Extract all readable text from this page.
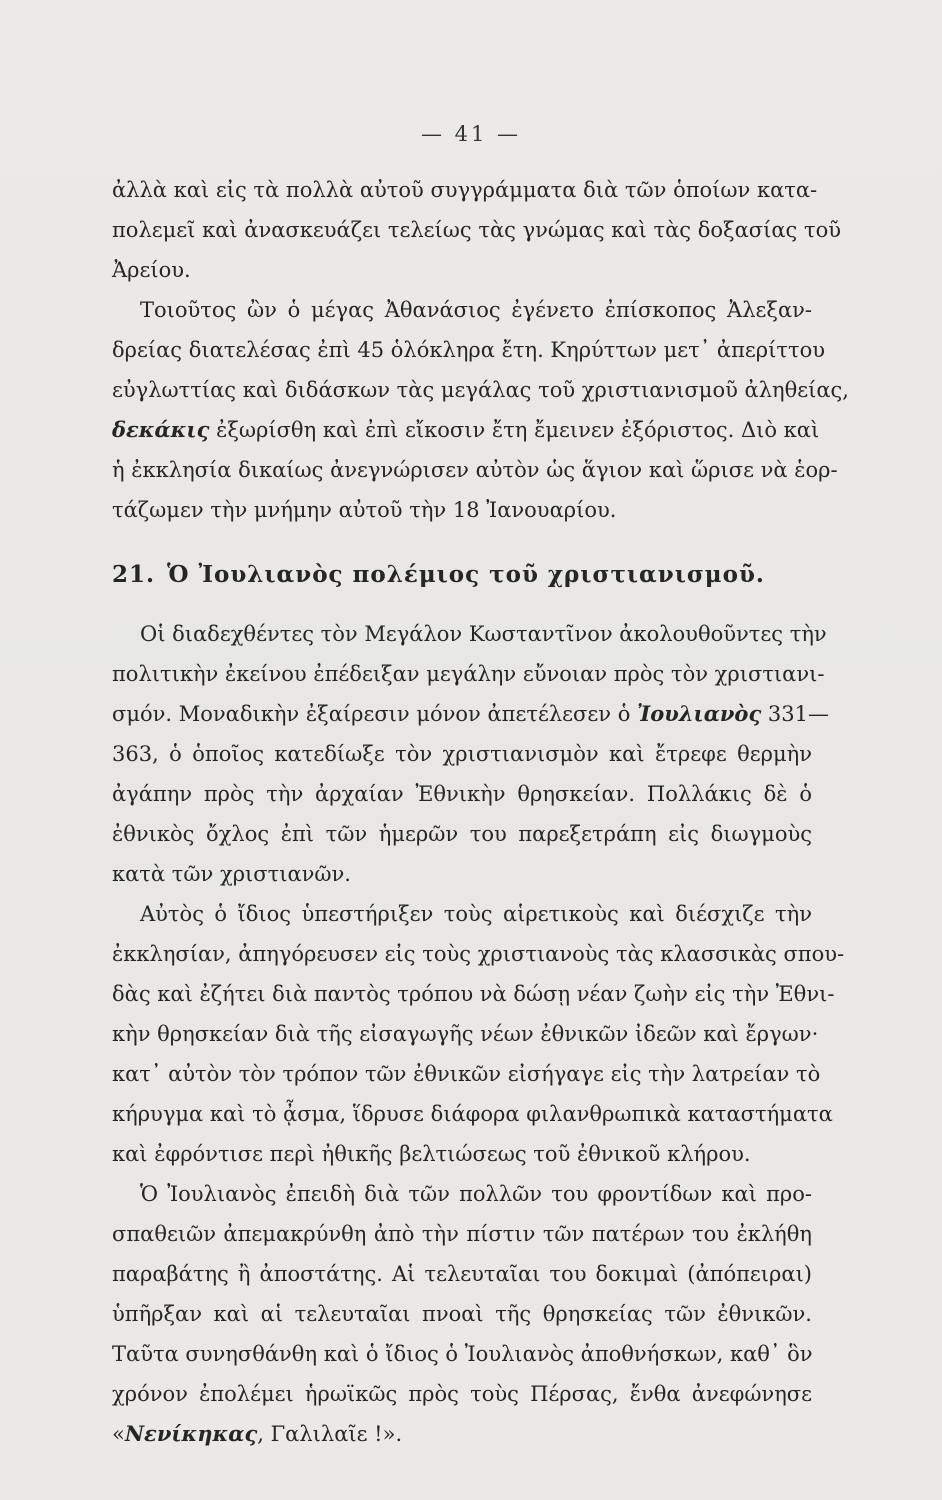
— 41 —
ἀλλὰ καὶ εἰς τὰ πολλὰ αὐτοῦ συγγράμματα διὰ τῶν ὁποίων κατα-
πολεμεῖ καὶ ἀνασκευάζει τελείως τὰς γνώμας καὶ τὰς δοξασίας τοῦ
Ἀρείου.
Τοιοῦτος ὢν ὁ μέγας Ἀθανάσιος ἐγένετο ἐπίσκοπος Ἀλεξαν-
δρείας διατελέσας ἐπὶ 45 ὁλόκληρα ἔτη. Κηρύττων μετ᾽ ἀπερίττου
εὐγλωττίας καὶ διδάσκων τὰς μεγάλας τοῦ χριστιανισμοῦ ἀληθείας,
δεκάκις ἐξωρίσθη καὶ ἐπὶ εἴκοσιν ἔτη ἔμεινεν ἐξόριστος. Διὸ καὶ
ἡ ἐκκλησία δικαίως ἀνεγνώρισεν αὐτὸν ὡς ἅγιον καὶ ὥρισε νὰ ἑορ-
τάζωμεν τὴν μνήμην αὐτοῦ τὴν 18 Ἰανουαρίου.
21. Ὁ Ἰουλιανὸς πολέμιος τοῦ χριστιανισμοῦ.
Οἱ διαδεχθέντες τὸν Μεγάλον Κωσταντῖνον ἀκολουθοῦντες τὴν
πολιτικὴν ἐκείνου ἐπέδειξαν μεγάλην εὔνοιαν πρὸς τὸν χριστιανι-
σμόν. Μοναδικὴν ἐξαίρεσιν μόνον ἀπετέλεσεν ὁ Ἰουλιανὸς 331—
363, ὁ ὁποῖος κατεδίωξε τὸν χριστιανισμὸν καὶ ἔτρεφε θερμὴν
ἀγάπην πρὸς τὴν ἀρχαίαν Ἐθνικὴν θρησκείαν. Πολλάκις δὲ ὁ
ἐθνικὸς ὄχλος ἐπὶ τῶν ἡμερῶν του παρεξετράπη εἰς διωγμοὺς
κατὰ τῶν χριστιανῶν.
Αὐτὸς ὁ ἴδιος ὑπεστήριξεν τοὺς αἱρετικοὺς καὶ διέσχιζε τὴν
ἐκκλησίαν, ἀπηγόρευσεν εἰς τοὺς χριστιανοὺς τὰς κλασσικὰς σπου-
δὰς καὶ ἐζήτει διὰ παντὸς τρόπου νὰ δώσῃ νέαν ζωὴν εἰς τὴν Ἐθνι-
κὴν θρησκείαν διὰ τῆς εἰσαγωγῆς νέων ἐθνικῶν ἰδεῶν καὶ ἔργων·
κατ᾽ αὐτὸν τὸν τρόπον τῶν ἐθνικῶν εἰσήγαγε εἰς τὴν λατρείαν τὸ
κήρυγμα καὶ τὸ ᾆσμα, ἵδρυσε διάφορα φιλανθρωπικὰ καταστήματα
καὶ ἐφρόντισε περὶ ἠθικῆς βελτιώσεως τοῦ ἐθνικοῦ κλήρου.
Ὁ Ἰουλιανὸς ἐπειδὴ διὰ τῶν πολλῶν του φροντίδων καὶ προ-
σπαθειῶν ἀπεμακρύνθη ἀπὸ τὴν πίστιν τῶν πατέρων του ἐκλήθη
παραβάτης ἢ ἀποστάτης. Αἱ τελευταῖαι του δοκιμαὶ (ἀπόπειραι)
ὑπῆρξαν καὶ αἱ τελευταῖαι πνοαὶ τῆς θρησκείας τῶν ἐθνικῶν.
Ταῦτα συνησθάνθη καὶ ὁ ἴδιος ὁ Ἰουλιανὸς ἀποθνήσκων, καθ᾽ ὃν
χρόνον ἐπολέμει ἡρωϊκῶς πρὸς τοὺς Πέρσας, ἔνθα ἀνεφώνησε
«Νενίκηκας, Γαλιλαῖε !».
